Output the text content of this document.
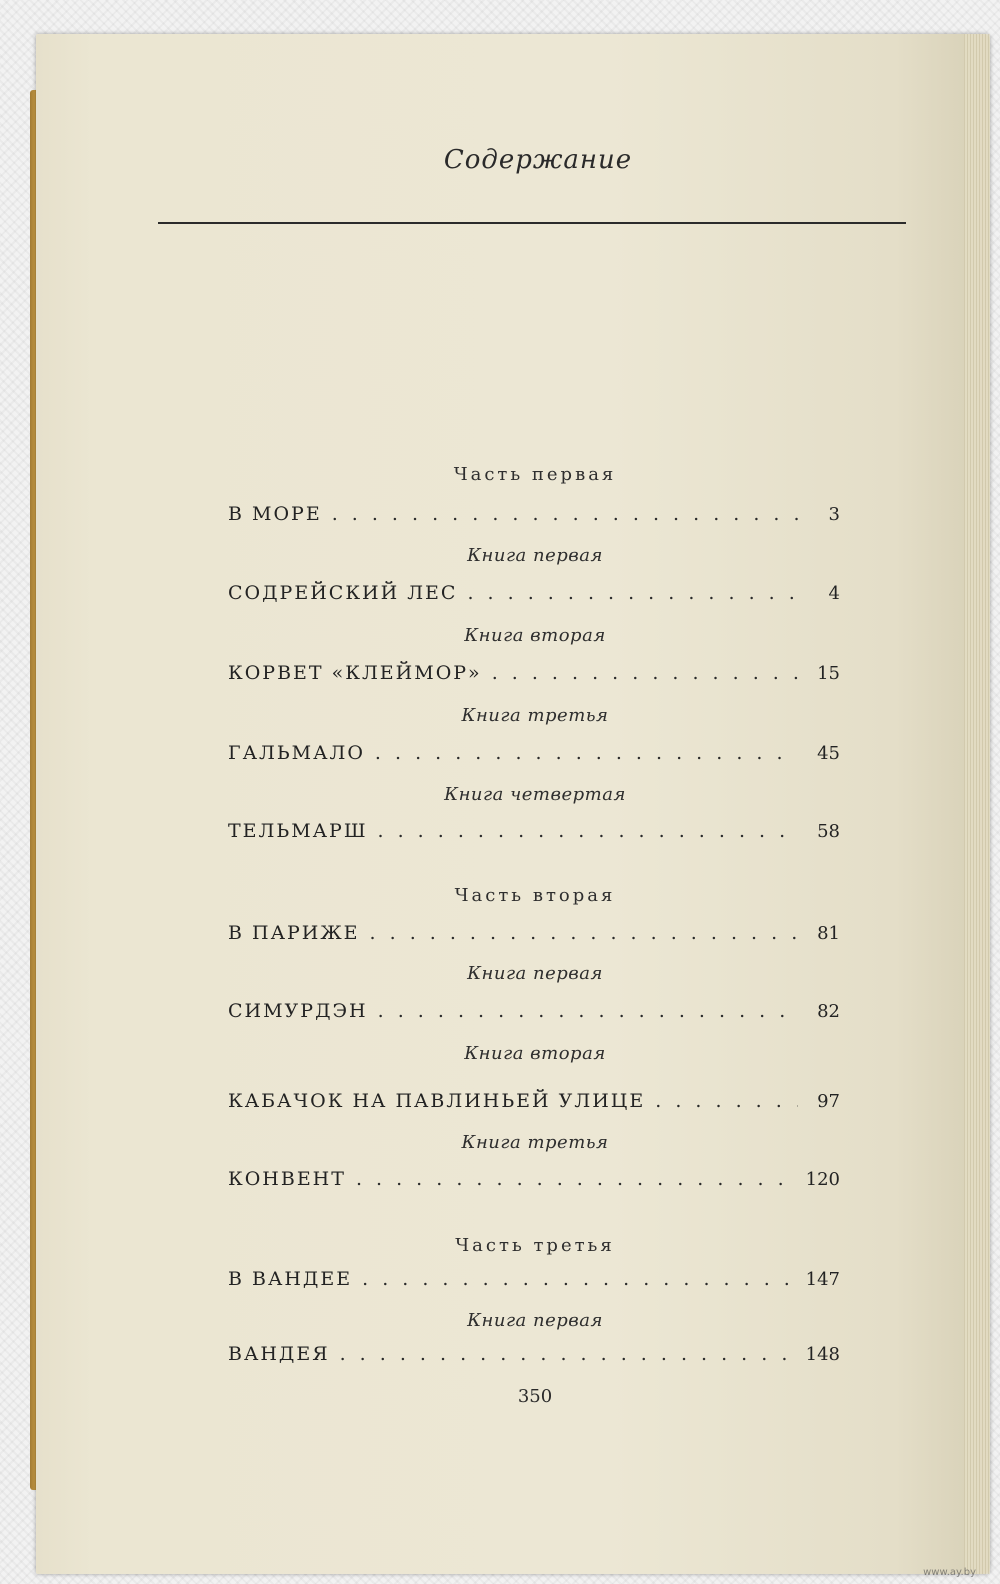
Содержание
Часть первая
В МОРЕ . . .	3
Книга первая
СОДРЕЙСКИЙ ЛЕС . . .	4
Книга вторая
КОРВЕТ «КЛЕЙМОР» . . .	15
Книга третья
ГАЛЬМАЛО . . .	45
Книга четвертая
ТЕЛЬМАРШ . . .	58
Часть вторая
В ПАРИЖЕ . . .	81
Книга первая
СИМУРДЭН . . .	82
Книга вторая
КАБАЧОК НА ПАВЛИНЬЕЙ УЛИЦЕ . . .	97
Книга третья
КОНВЕНТ . . .	120
Часть третья
В ВАНДЕЕ . . .	147
Книга первая
ВАНДЕЯ . . .	148
350
www.ay.by
